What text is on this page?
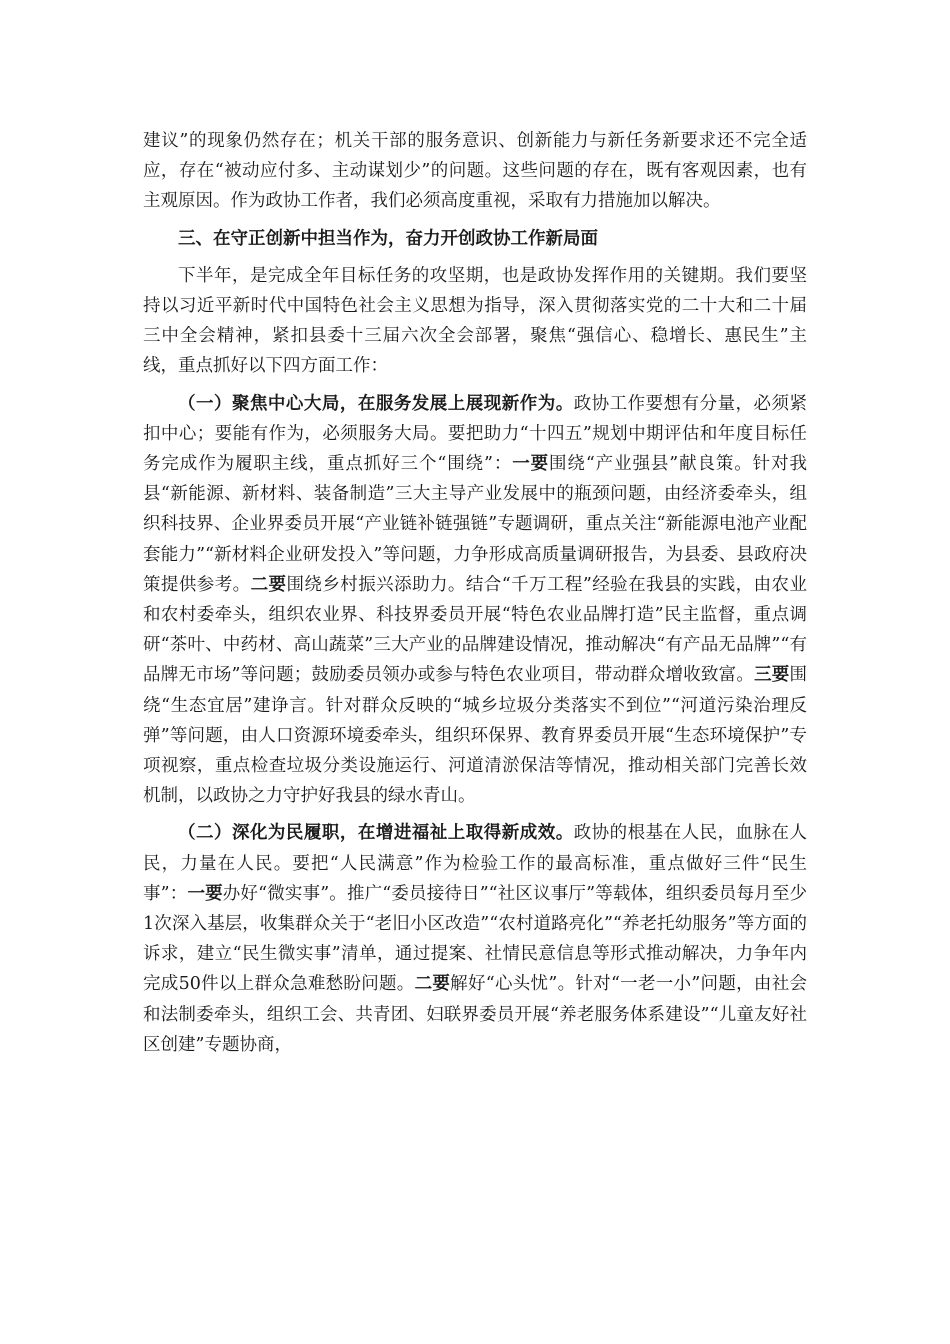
建议”的现象仍然存在；机关干部的服务意识、创新能力与新任务新要求还不完全适应，存在“被动应付多、主动谋划少”的问题。这些问题的存在，既有客观因素，也有主观原因。作为政协工作者，我们必须高度重视，采取有力措施加以解决。

三、在守正创新中担当作为，奋力开创政协工作新局面

下半年，是完成全年目标任务的攻坚期，也是政协发挥作用的关键期。我们要坚持以习近平新时代中国特色社会主义思想为指导，深入贯彻落实党的二十大和二十届三中全会精神，紧扣县委十三届六次全会部署，聚焦“强信心、稳增长、惠民生”主线，重点抓好以下四方面工作：

（一）聚焦中心大局，在服务发展上展现新作为。政协工作要想有分量，必须紧扣中心；要能有作为，必须服务大局。要把助力“十四五”规划中期评估和年度目标任务完成作为履职主线，重点抓好三个“围绕”：一要围绕“产业强县”献良策。针对我县“新能源、新材料、装备制造”三大主导产业发展中的瓶颈问题，由经济委牵头，组织科技界、企业界委员开展“产业链补链强链”专题调研，重点关注“新能源电池产业配套能力”“新材料企业研发投入”等问题，力争形成高质量调研报告，为县委、县政府决策提供参考。二要围绕乡村振兴添助力。结合“千万工程”经验在我县的实践，由农业和农村委牵头，组织农业界、科技界委员开展“特色农业品牌打造”民主监督，重点调研“茶叶、中药材、高山蔬菜”三大产业的品牌建设情况，推动解决“有产品无品牌”“有品牌无市场”等问题；鼓励委员领办或参与特色农业项目，带动群众增收致富。三要围绕“生态宜居”建诤言。针对群众反映的“城乡垃圾分类落实不到位”“河道污染治理反弹”等问题，由人口资源环境委牵头，组织环保界、教育界委员开展“生态环境保护”专项视察，重点检查垃圾分类设施运行、河道清淤保洁等情况，推动相关部门完善长效机制，以政协之力守护好我县的绿水青山。

（二）深化为民履职，在增进福祉上取得新成效。政协的根基在人民，血脉在人民，力量在人民。要把“人民满意”作为检验工作的最高标准，重点做好三件“民生事”：一要办好“微实事”。推广“委员接待日”“社区议事厅”等载体，组织委员每月至少1次深入基层，收集群众关于“老旧小区改造”“农村道路亮化”“养老托幼服务”等方面的诉求，建立“民生微实事”清单，通过提案、社情民意信息等形式推动解决，力争年内完成50件以上群众急难愁盼问题。二要解好“心头忧”。针对“一老一小”问题，由社会和法制委牵头，组织工会、共青团、妇联界委员开展“养老服务体系建设”“儿童友好社区创建”专题协商，
